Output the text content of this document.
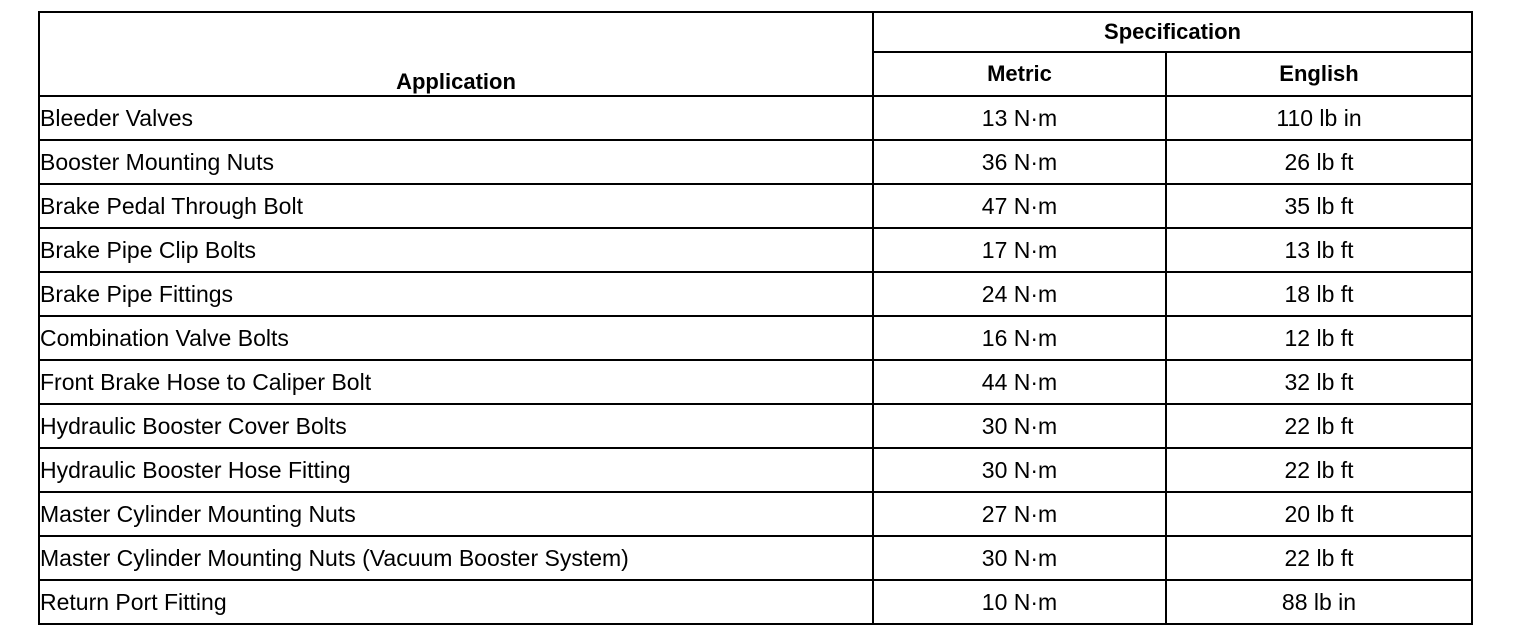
Application	Specification	
	Metric	English
Bleeder Valves	13 N·m	110 lb in
Booster Mounting Nuts	36 N·m	26 lb ft
Brake Pedal Through Bolt	47 N·m	35 lb ft
Brake Pipe Clip Bolts	17 N·m	13 lb ft
Brake Pipe Fittings	24 N·m	18 lb ft
Combination Valve Bolts	16 N·m	12 lb ft
Front Brake Hose to Caliper Bolt	44 N·m	32 lb ft
Hydraulic Booster Cover Bolts	30 N·m	22 lb ft
Hydraulic Booster Hose Fitting	30 N·m	22 lb ft
Master Cylinder Mounting Nuts	27 N·m	20 lb ft
Master Cylinder Mounting Nuts (Vacuum Booster System)	30 N·m	22 lb ft
Return Port Fitting	10 N·m	88 lb in
